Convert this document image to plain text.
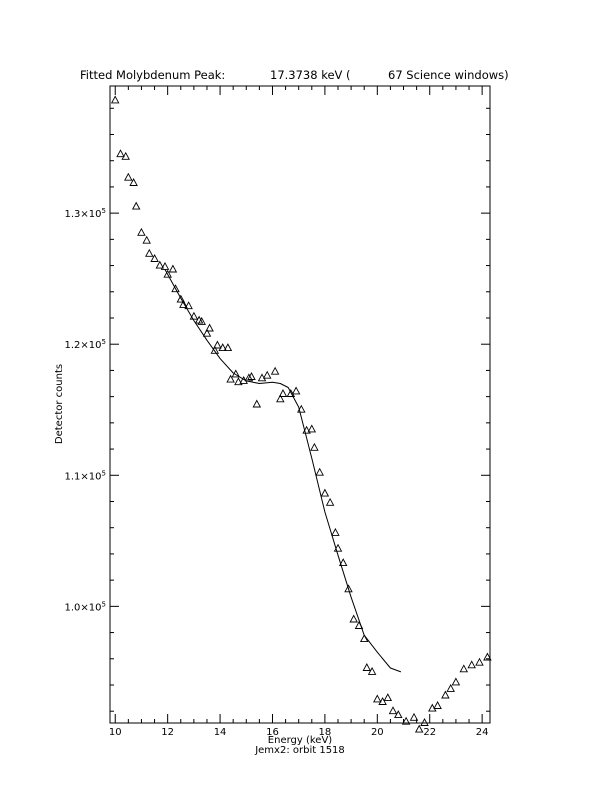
Fitted Molybdenum Peak:	17.3738 keV (	67 Science windows)
10	12	14	16	18	20	22	24
$1.0\times 10^5$
$1.1\times 10^5$
$1.2\times 10^5$
$1.3\times 10^5$
Energy (keV)
Jemx2: orbit 1518
Detector counts
